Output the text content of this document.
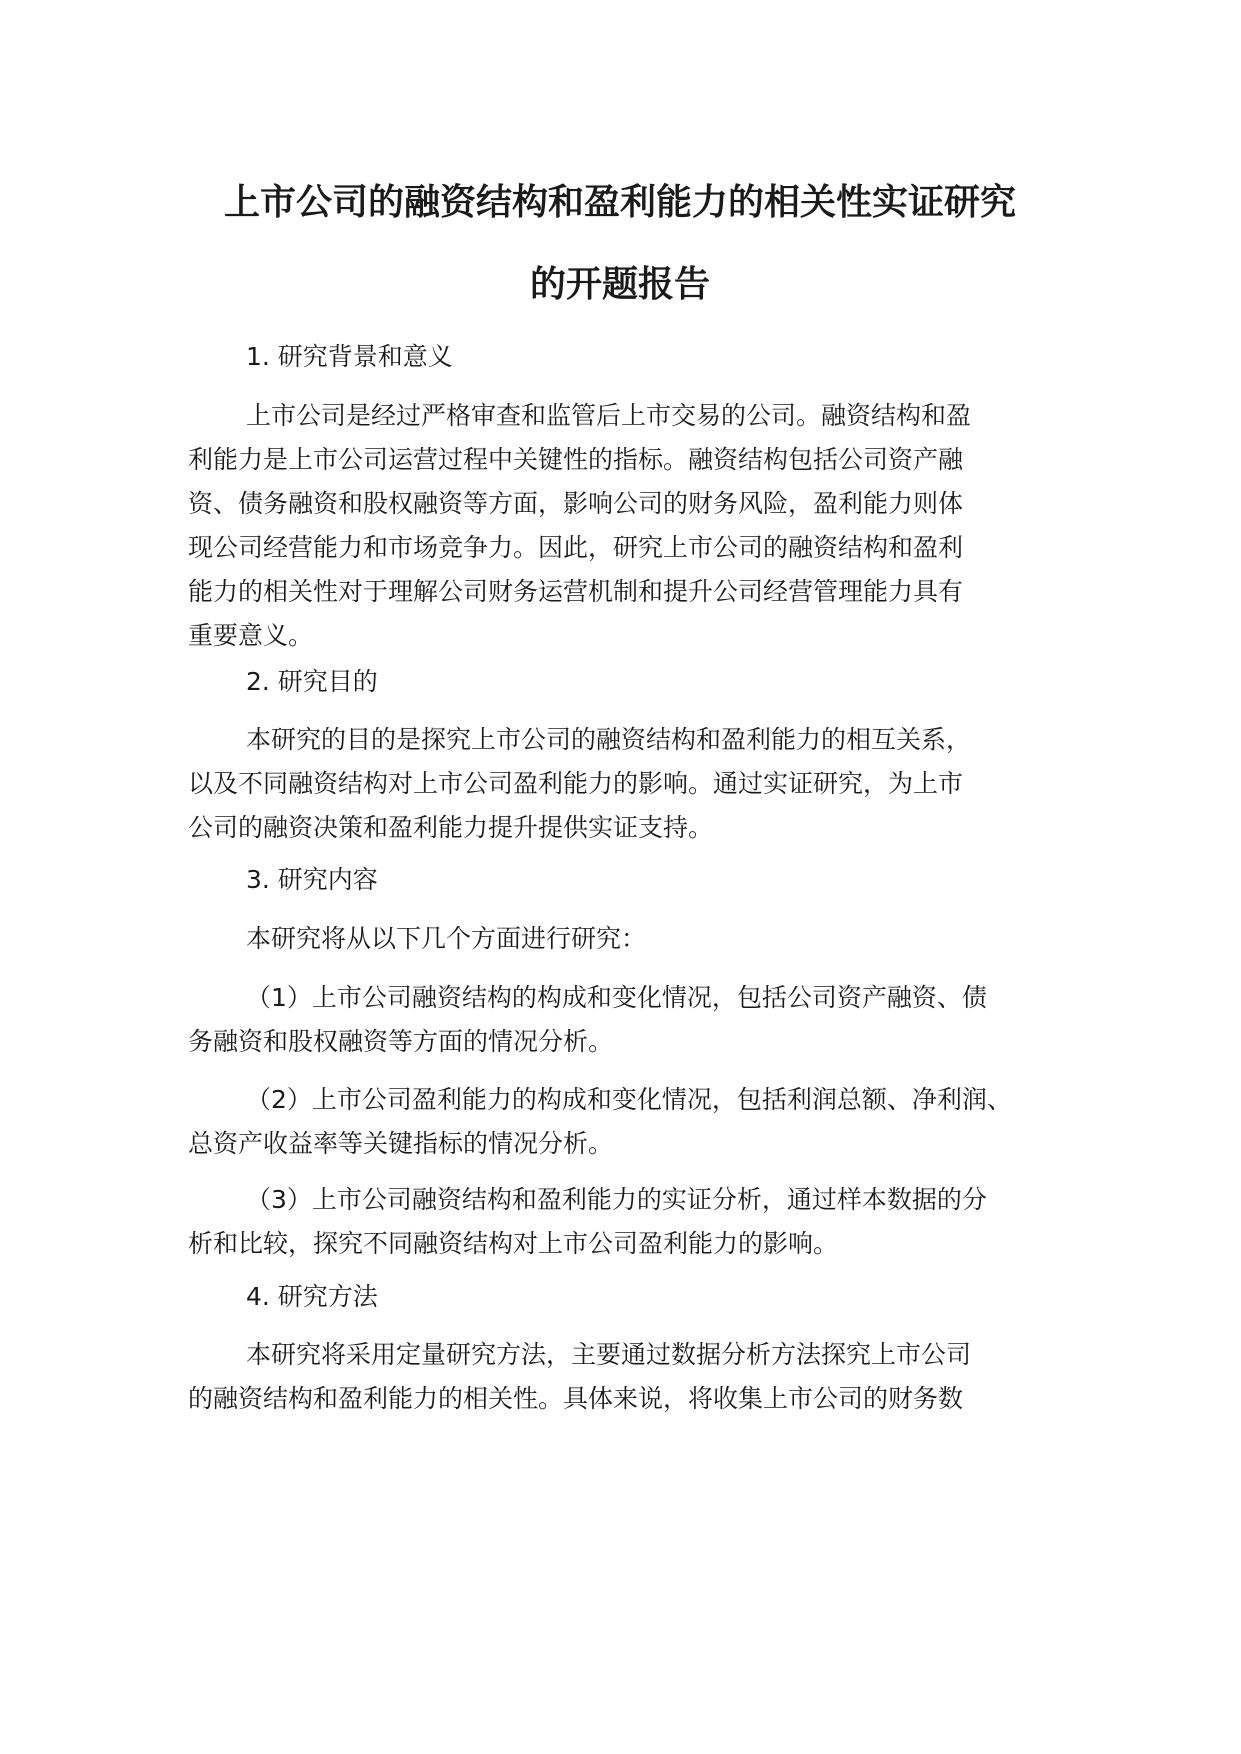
上市公司的融资结构和盈利能力的相关性实证研究
的开题报告
1. 研究背景和意义
上市公司是经过严格审查和监管后上市交易的公司。融资结构和盈
利能力是上市公司运营过程中关键性的指标。融资结构包括公司资产融
资、债务融资和股权融资等方面，影响公司的财务风险，盈利能力则体
现公司经营能力和市场竞争力。因此，研究上市公司的融资结构和盈利
能力的相关性对于理解公司财务运营机制和提升公司经营管理能力具有
重要意义。
2. 研究目的
本研究的目的是探究上市公司的融资结构和盈利能力的相互关系，
以及不同融资结构对上市公司盈利能力的影响。通过实证研究，为上市
公司的融资决策和盈利能力提升提供实证支持。
3. 研究内容
本研究将从以下几个方面进行研究：
（1）上市公司融资结构的构成和变化情况，包括公司资产融资、债
务融资和股权融资等方面的情况分析。
（2）上市公司盈利能力的构成和变化情况，包括利润总额、净利润、
总资产收益率等关键指标的情况分析。
（3）上市公司融资结构和盈利能力的实证分析，通过样本数据的分
析和比较，探究不同融资结构对上市公司盈利能力的影响。
4. 研究方法
本研究将采用定量研究方法，主要通过数据分析方法探究上市公司
的融资结构和盈利能力的相关性。具体来说，将收集上市公司的财务数
